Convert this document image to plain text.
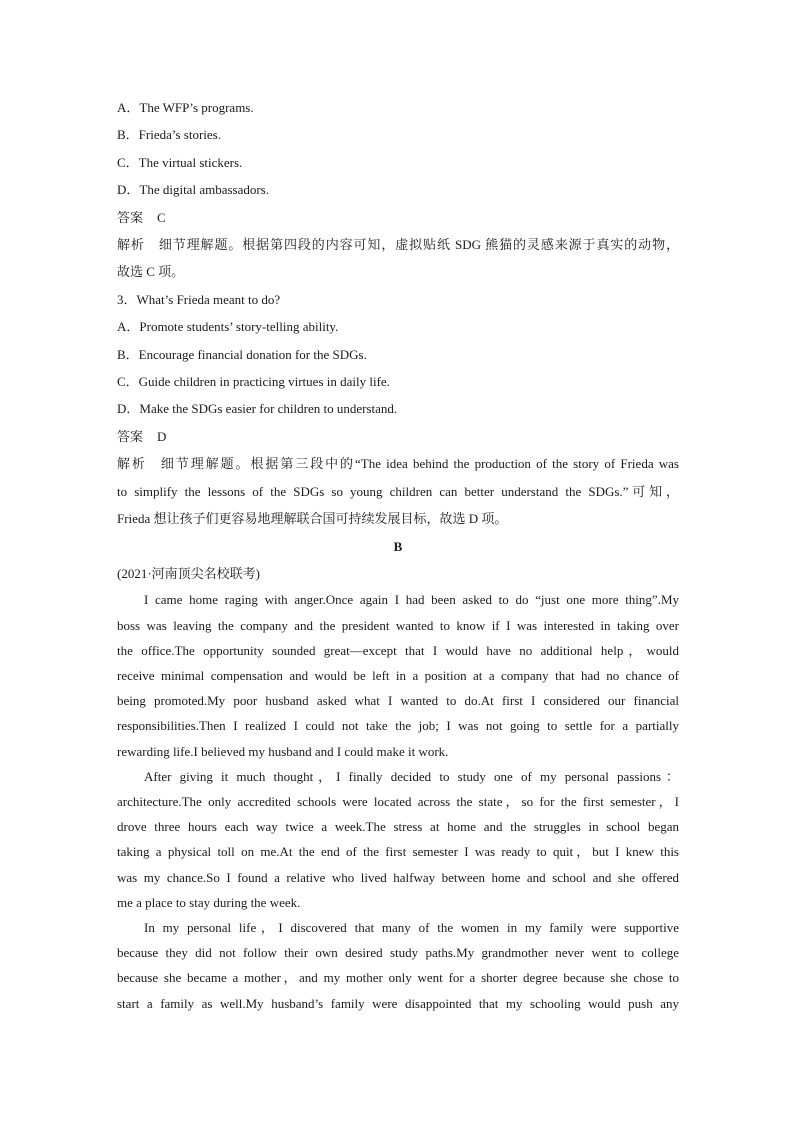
A．The WFP’s programs.

B．Frieda’s stories.

C．The virtual stickers.

D．The digital ambassadors.

答案 C

解析 细节理解题。根据第四段的内容可知，虚拟贴纸 SDG 熊猫的灵感来源于真实的动物，

故选 C 项。

3．What’s Frieda meant to do?

A．Promote students’ story-telling ability.

B．Encourage financial donation for the SDGs.

C．Guide children in practicing virtues in daily life.

D．Make the SDGs easier for children to understand.

答案 D

解析 细节理解题。根据第三段中的“The idea behind the production of the story of Frieda was

to simplify the lessons of the SDGs so young children can better understand the SDGs.”可知，

Frieda 想让孩子们更容易地理解联合国可持续发展目标，故选 D 项。

B

(2021·河南顶尖名校联考)

I came home raging with anger.Once again I had been asked to do “just one more thing”.My
boss was leaving the company and the president wanted to know if I was interested in taking over
the office.The opportunity sounded great—except that I would have no additional help，would
receive minimal compensation and would be left in a position at a company that had no chance of
being promoted.My poor husband asked what I wanted to do.At first I considered our financial
responsibilities.Then I realized I could not take the job; I was not going to settle for a partially
rewarding life.I believed my husband and I could make it work.
After giving it much thought，I finally decided to study one of my personal passions：
architecture.The only accredited schools were located across the state，so for the first semester，I
drove three hours each way twice a week.The stress at home and the struggles in school began
taking a physical toll on me.At the end of the first semester I was ready to quit，but I knew this
was my chance.So I found a relative who lived halfway between home and school and she offered
me a place to stay during the week.
In my personal life，I discovered that many of the women in my family were supportive
because they did not follow their own desired study paths.My grandmother never went to college
because she became a mother，and my mother only went for a shorter degree because she chose to
start a family as well.My husband’s family were disappointed that my schooling would push any
